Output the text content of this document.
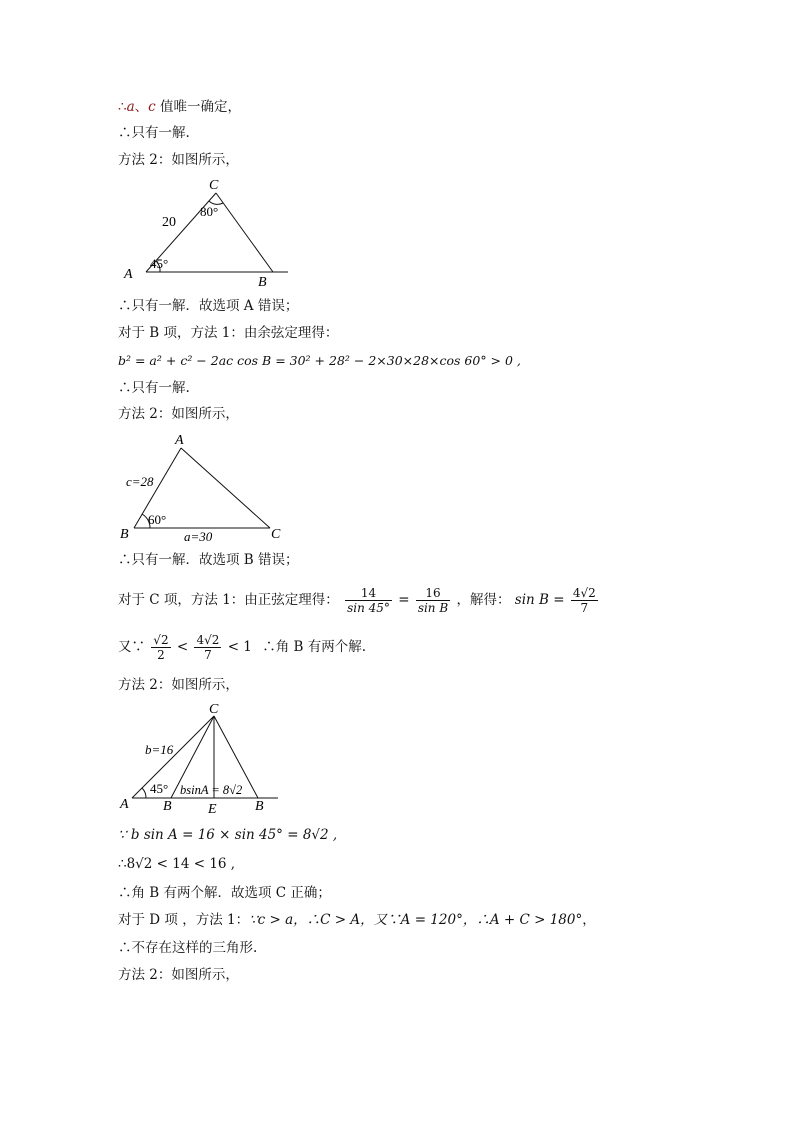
∴a、c 值唯一确定，
∴只有一解.
方法 2：如图所示，
C
A
B
20
80°
45°
∴只有一解．故选项 A 错误；
对于 B 项，方法 1：由余弦定理得：
b² = a² + c² − 2ac cos B = 30² + 28² − 2×30×28×cos 60° > 0 ,
∴只有一解.
方法 2：如图所示，
A
B	C
c=28
a=30
60°
∴只有一解．故选项 B 错误；
对于 C 项，方法 1：由正弦定理得： $\frac{14}{\sin 45^\circ} = \frac{16}{\text{sin B}}$ ，解得： $\sin B = \frac{4√2}{7}$
又∵ $\frac{√2}{2} < \frac{4√2}{7} < 1$ ∴角 B 有两个解.
方法 2：如图所示，
C
A B	E	B
b=16
45° bsinA = 8√2
∵ b sin A = 16 × sin 45° = 8√2 ,
∴8√2 < 14 < 16 ,
∴角 B 有两个解．故选项 C 正确；
对于 D 项 ，方法 1：∵c > a，∴C > A，又∵A = 120°，∴A + C > 180°，
∴不存在这样的三角形.
方法 2：如图所示，
